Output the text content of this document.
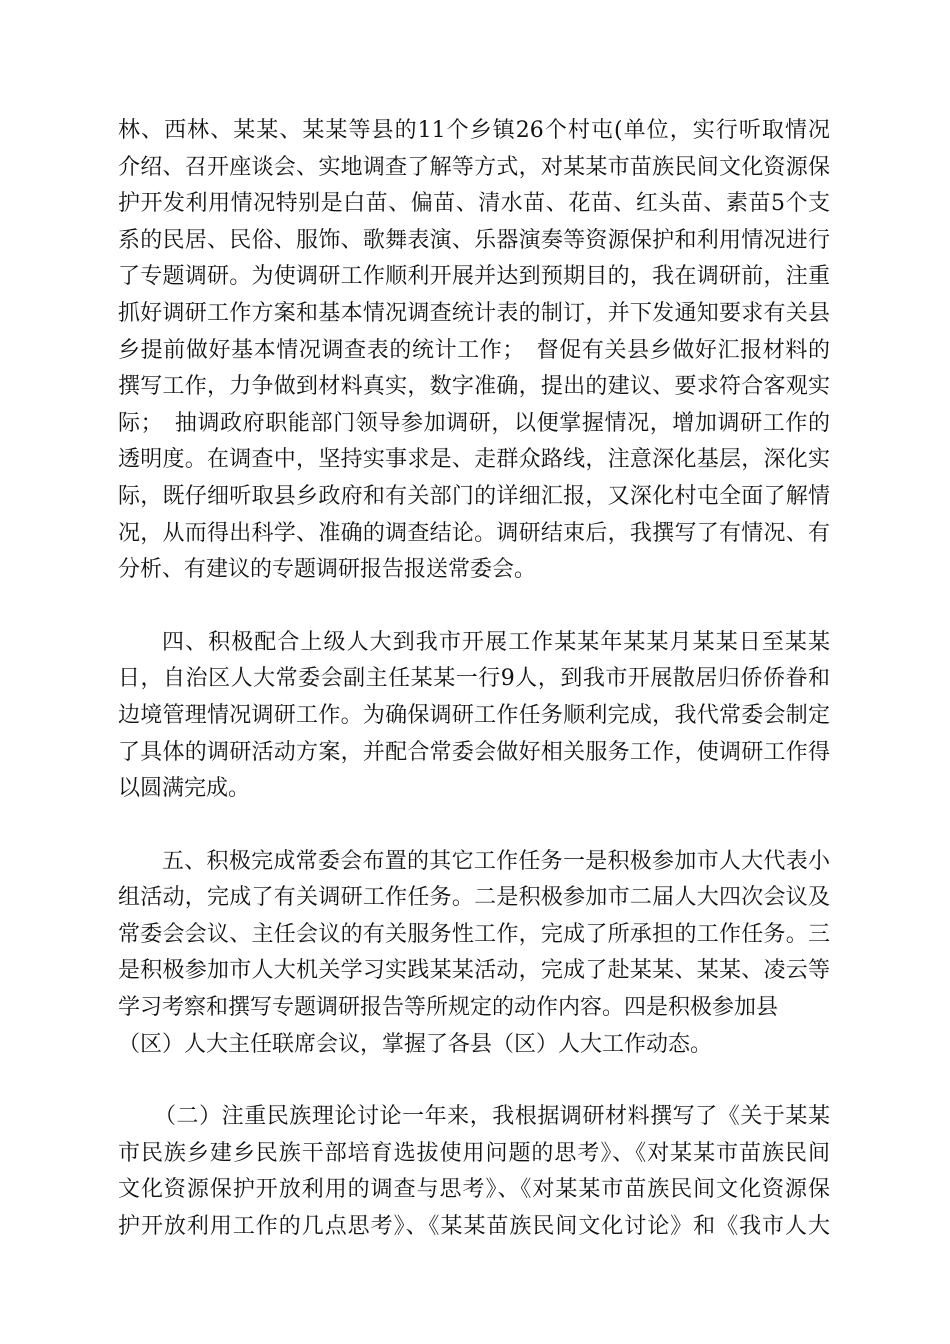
林、西林、某某、某某等县的11个乡镇26个村屯(单位，实行听取情况
介绍、召开座谈会、实地调查了解等方式，对某某市苗族民间文化资源保
护开发利用情况特别是白苗、偏苗、清水苗、花苗、红头苗、素苗5个支
系的民居、民俗、服饰、歌舞表演、乐器演奏等资源保护和利用情况进行
了专题调研。为使调研工作顺利开展并达到预期目的，我在调研前，注重
抓好调研工作方案和基本情况调查统计表的制订，并下发通知要求有关县
乡提前做好基本情况调查表的统计工作；　督促有关县乡做好汇报材料的
撰写工作，力争做到材料真实，数字准确，提出的建议、要求符合客观实
际；　抽调政府职能部门领导参加调研，以便掌握情况，增加调研工作的
透明度。在调查中，坚持实事求是、走群众路线，注意深化基层，深化实
际，既仔细听取县乡政府和有关部门的详细汇报，又深化村屯全面了解情
况，从而得出科学、准确的调查结论。调研结束后，我撰写了有情况、有
分析、有建议的专题调研报告报送常委会。
四、积极配合上级人大到我市开展工作某某年某某月某某日至某某
日，自治区人大常委会副主任某某一行9人，到我市开展散居归侨侨眷和
边境管理情况调研工作。为确保调研工作任务顺利完成，我代常委会制定
了具体的调研活动方案，并配合常委会做好相关服务工作，使调研工作得
以圆满完成。
五、积极完成常委会布置的其它工作任务一是积极参加市人大代表小
组活动，完成了有关调研工作任务。二是积极参加市二届人大四次会议及
常委会会议、主任会议的有关服务性工作，完成了所承担的工作任务。三
是积极参加市人大机关学习实践某某活动，完成了赴某某、某某、凌云等
学习考察和撰写专题调研报告等所规定的动作内容。四是积极参加县
（区）人大主任联席会议，掌握了各县（区）人大工作动态。
（二）注重民族理论讨论一年来，我根据调研材料撰写了《关于某某
市民族乡建乡民族干部培育选拔使用问题的思考》、《对某某市苗族民间
文化资源保护开放利用的调查与思考》、《对某某市苗族民间文化资源保
护开放利用工作的几点思考》、《某某苗族民间文化讨论》和《我市人大
